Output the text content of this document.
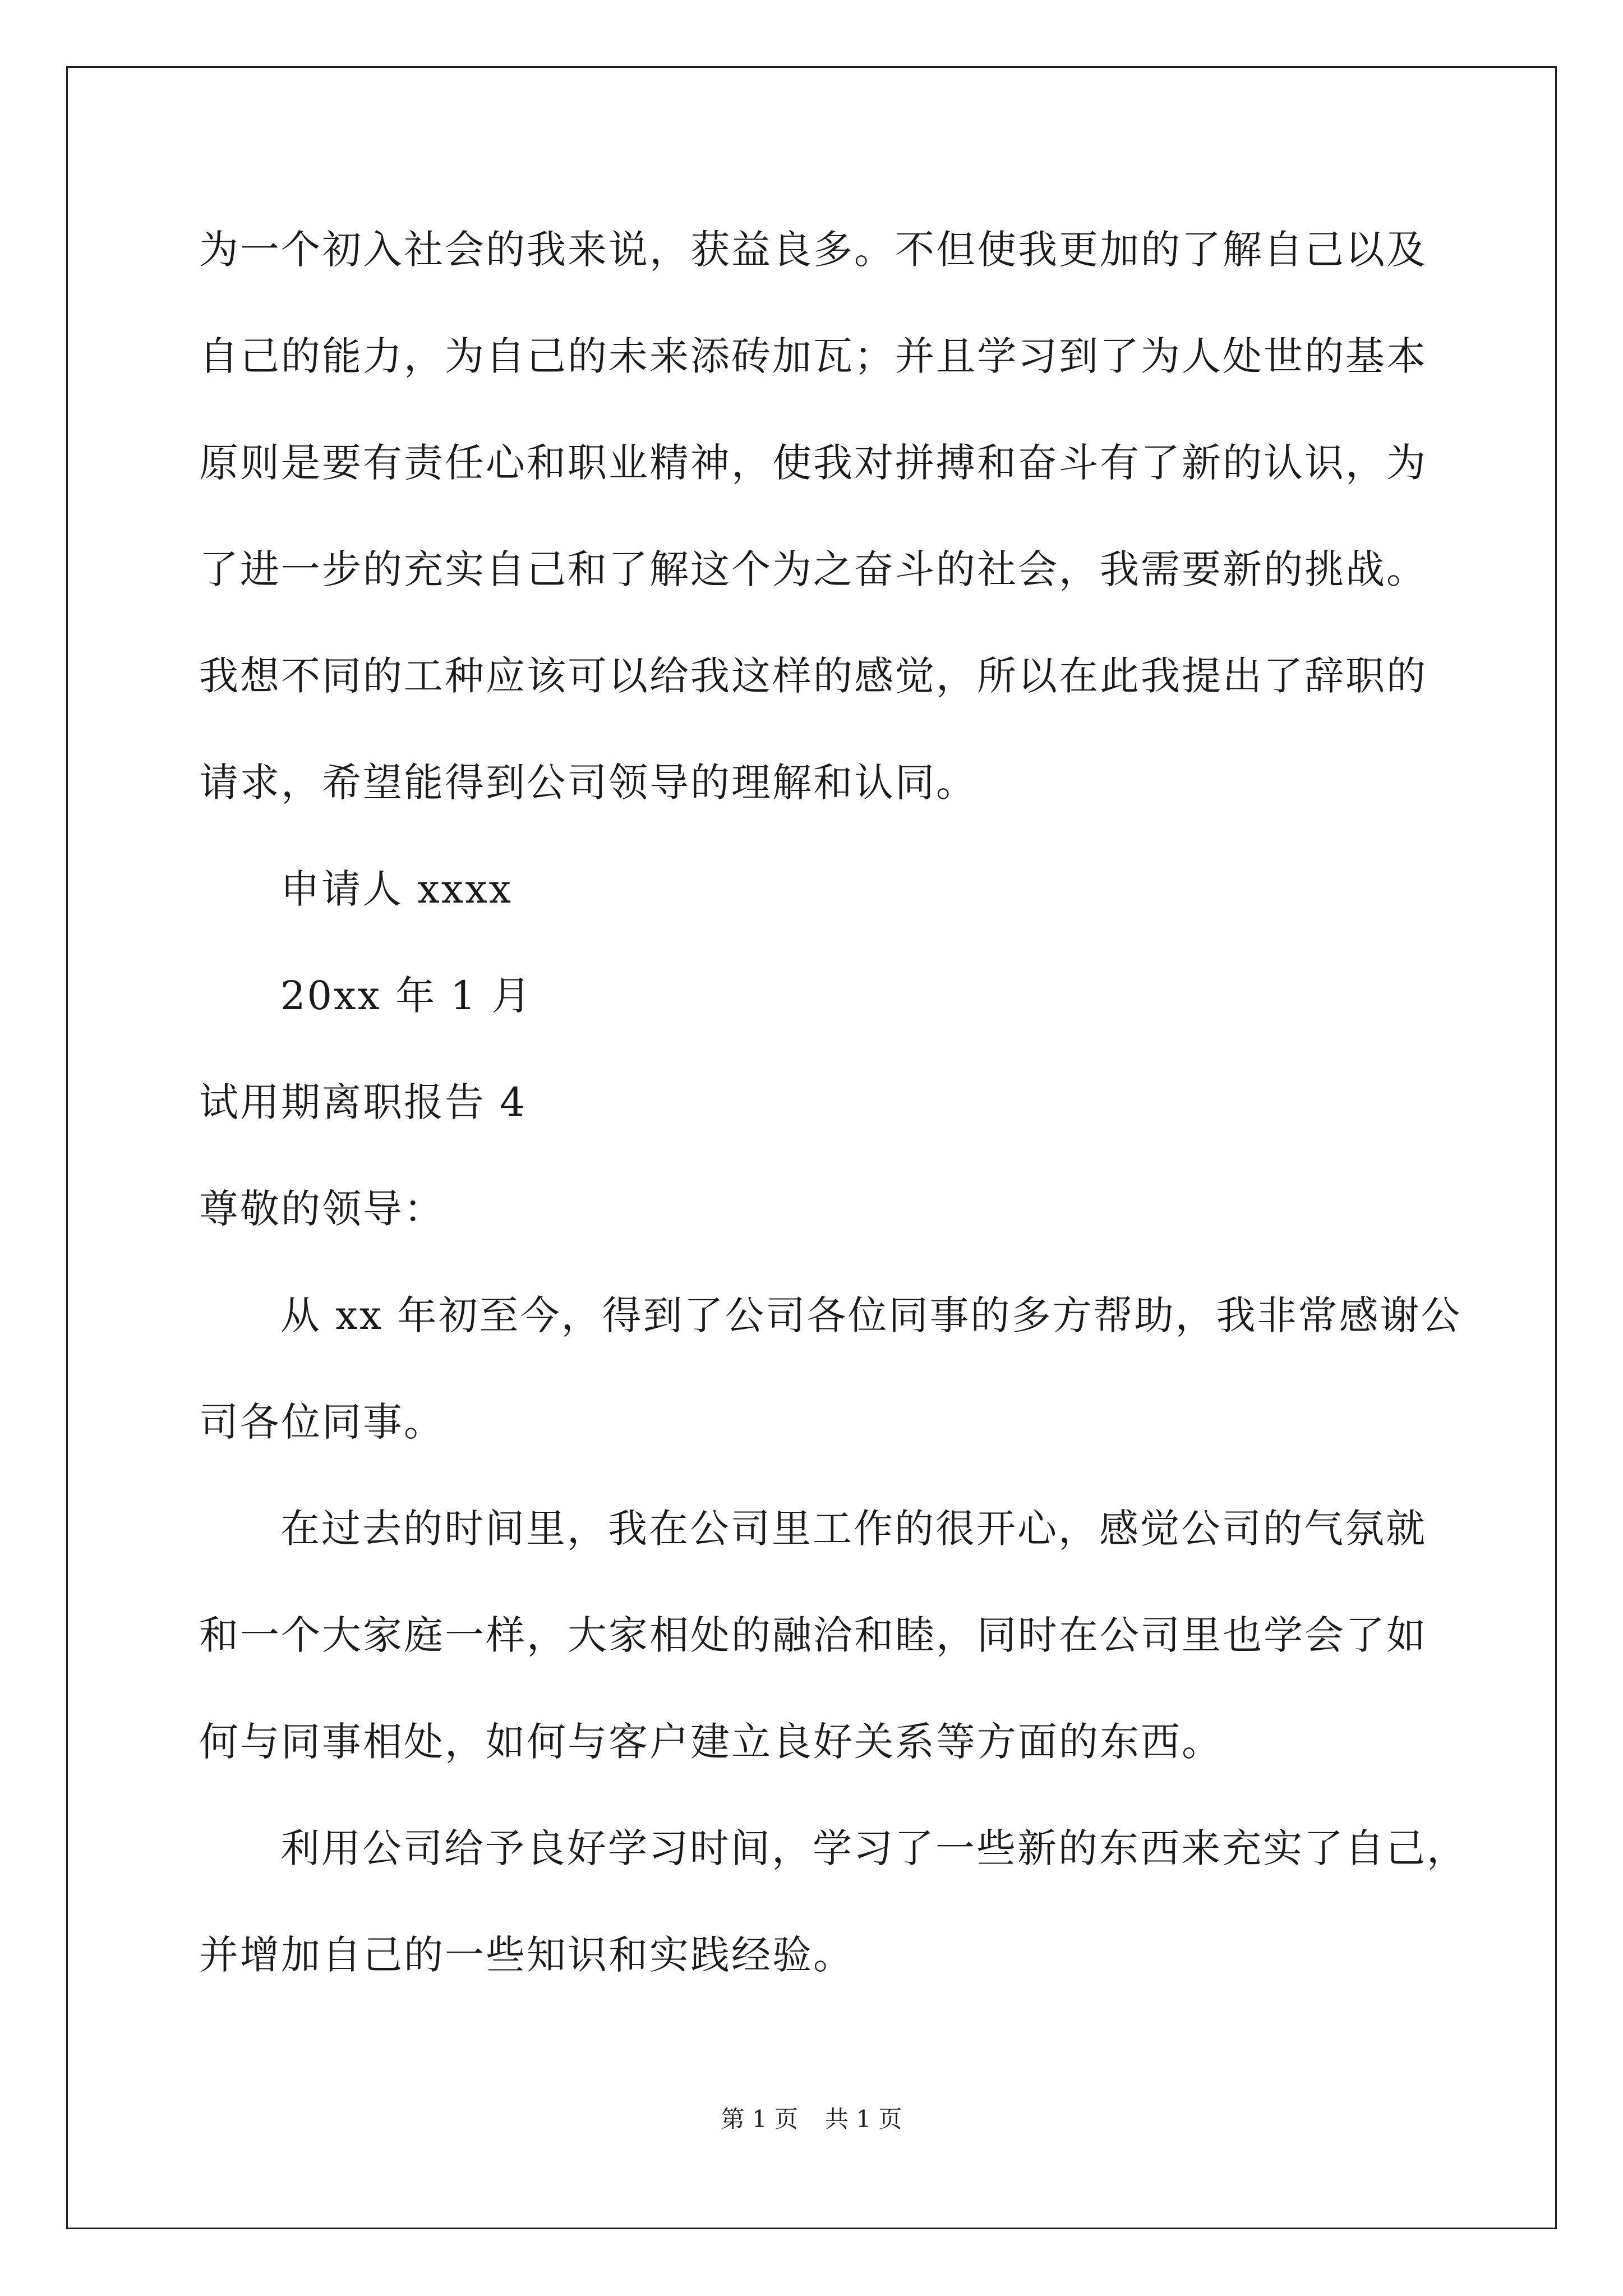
为一个初入社会的我来说，获益良多。不但使我更加的了解自己以及
自己的能力，为自己的未来添砖加瓦；并且学习到了为人处世的基本
原则是要有责任心和职业精神，使我对拼搏和奋斗有了新的认识，为
了进一步的充实自己和了解这个为之奋斗的社会，我需要新的挑战。
我想不同的工种应该可以给我这样的感觉，所以在此我提出了辞职的
请求，希望能得到公司领导的理解和认同。
申请人 xxxx
20xx 年 1 月
试用期离职报告 4
尊敬的领导：
从 xx 年初至今，得到了公司各位同事的多方帮助，我非常感谢公
司各位同事。
在过去的时间里，我在公司里工作的很开心，感觉公司的气氛就
和一个大家庭一样，大家相处的融洽和睦，同时在公司里也学会了如
何与同事相处，如何与客户建立良好关系等方面的东西。
利用公司给予良好学习时间，学习了一些新的东西来充实了自己，
并增加自己的一些知识和实践经验。
第 1 页 共 1 页
